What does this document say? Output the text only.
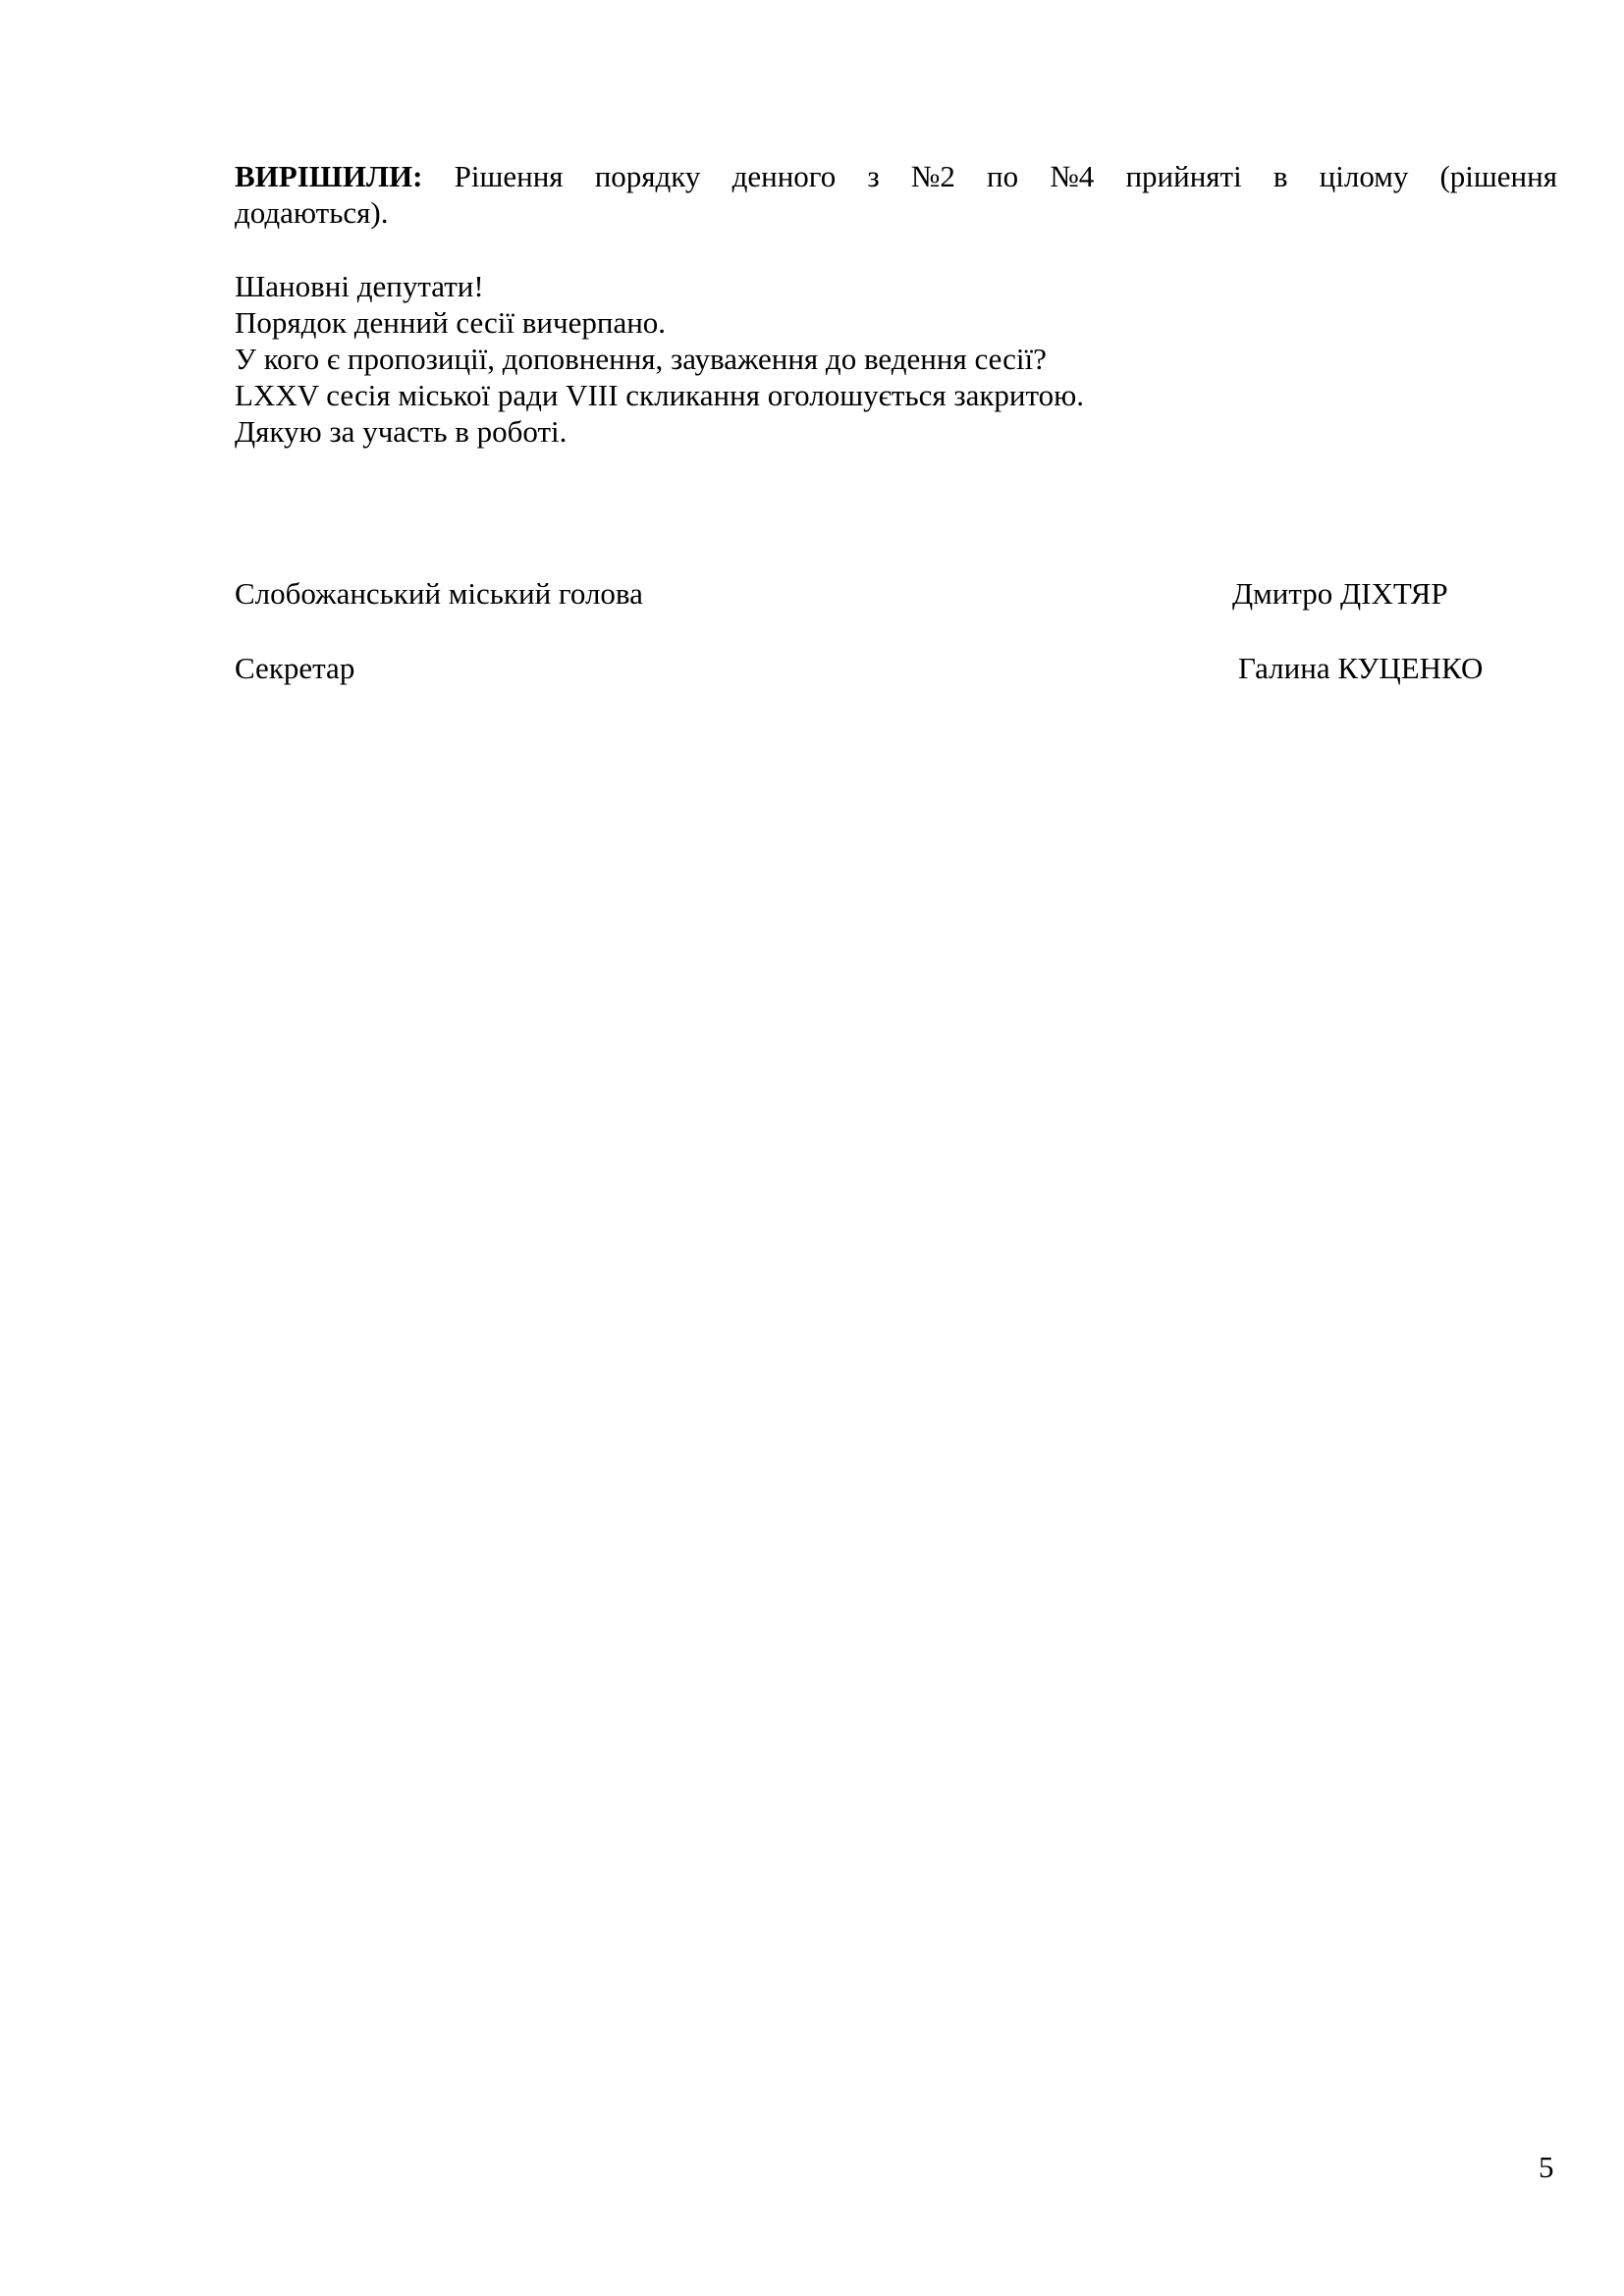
ВИРІШИЛИ: Рішення порядку денного з №2 по №4 прийняті в цілому (рішення
додаються).
Шановні депутати!
Порядок денний сесії вичерпано.
У кого є пропозиції, доповнення, зауваження до ведення сесії?
LXXV сесія міської ради VIII скликання оголошується закритою.
Дякую за участь в роботі.
Слобожанський міський голова	Дмитро ДІХТЯР
Секретар	Галина КУЦЕНКО
5
